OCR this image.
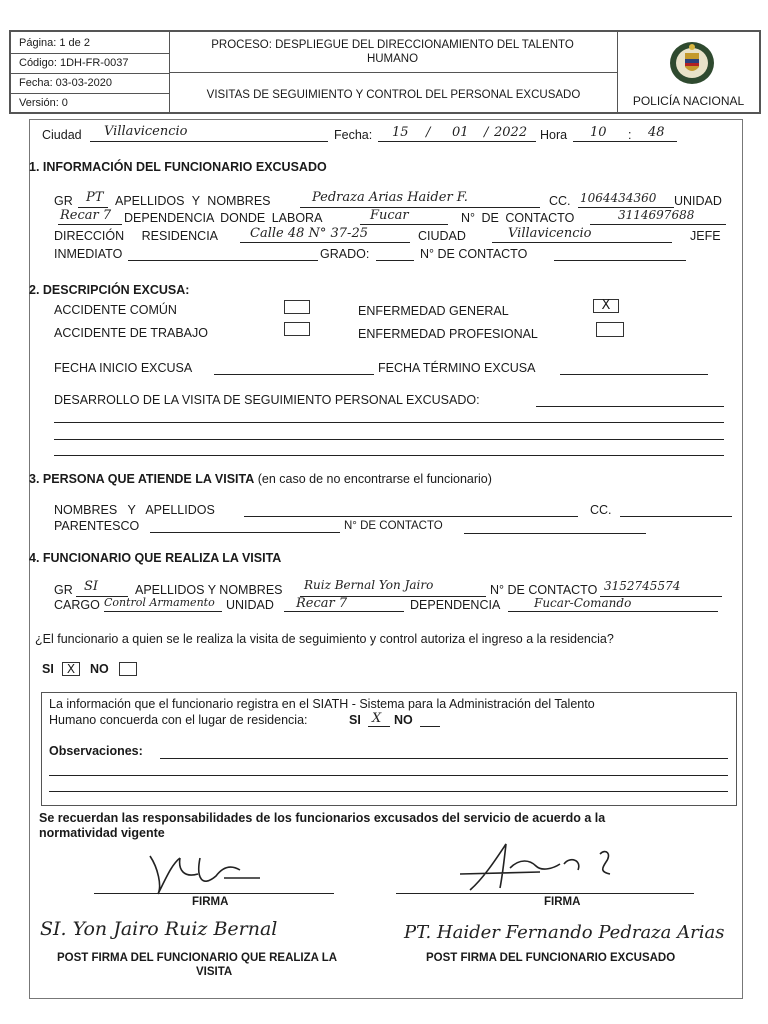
Página: 1 de 2
Código: 1DH-FR-0037
Fecha: 03-03-2020
Versión: 0
PROCESO: DESPLIEGUE DEL DIRECCIONAMIENTO DEL TALENTO HUMANO
VISITAS DE SEGUIMIENTO Y CONTROL DEL PERSONAL EXCUSADO	POLICÍA NACIONAL
Ciudad Villavicencio	Fecha: 15 / 01 / 2022 Hora 10 : 48
1. INFORMACIÓN DEL FUNCIONARIO EXCUSADO
GR PT APELLIDOS Y NOMBRES	Pedraza Arias Haider F.	CC. 1064434360 UNIDAD
Recar 7 DEPENDENCIA DONDE LABORA	Fucar	N° DE CONTACTO	3114697688
DIRECCIÓN RESIDENCIA Calle 48 N° 37-25	CIUDAD	Villavicencio	JEFE
INMEDIATO	GRADO:	N° DE CONTACTO
2. DESCRIPCIÓN EXCUSA:
ACCIDENTE COMÚN	ENFERMEDAD GENERAL	X
ACCIDENTE DE TRABAJO	ENFERMEDAD PROFESIONAL
FECHA INICIO EXCUSA	FECHA TÉRMINO EXCUSA
DESARROLLO DE LA VISITA DE SEGUIMIENTO PERSONAL EXCUSADO:
3. PERSONA QUE ATIENDE LA VISITA (en caso de no encontrarse el funcionario)
NOMBRES Y APELLIDOS	CC.
PARENTESCO	N° DE CONTACTO
4. FUNCIONARIO QUE REALIZA LA VISITA
GR SI	APELLIDOS Y NOMBRES Ruiz Bernal Yon Jairo	N° DE CONTACTO 3152745574
CARGO Control Armamento UNIDAD Recar 7	DEPENDENCIA	Fucar-Comando
¿El funcionario a quien se le realiza la visita de seguimiento y control autoriza el ingreso a la residencia?
SI	X	NO
La información que el funcionario registra en el SIATH - Sistema para la Administración del Talento
Humano concuerda con el lugar de residencia:	SI X NO
Observaciones:
Se recuerdan las responsabilidades de los funcionarios excusados del servicio de acuerdo a la
normatividad vigente
FIRMA	FIRMA
SI. Yon Jairo Ruiz Bernal	PT. Haider Fernando Pedraza Arias
POST FIRMA DEL FUNCIONARIO QUE REALIZA LA
VISITA
POST FIRMA DEL FUNCIONARIO EXCUSADO
